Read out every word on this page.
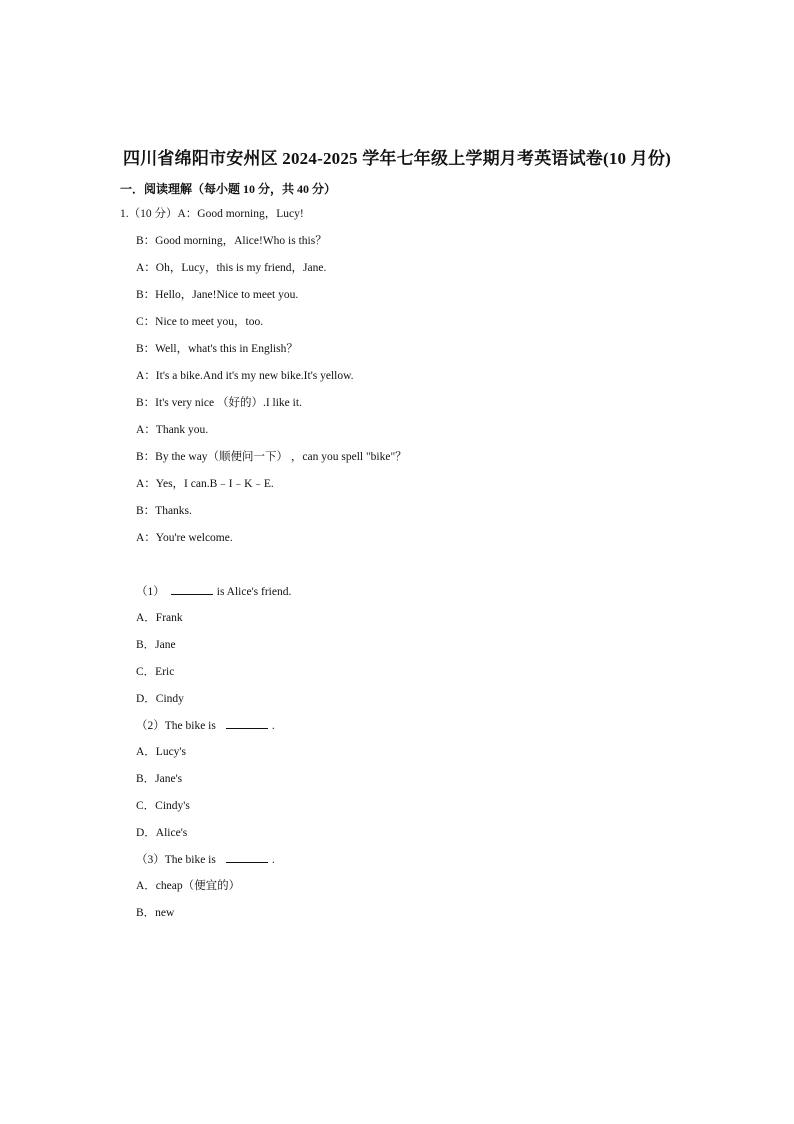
四川省绵阳市安州区 2024-2025 学年七年级上学期月考英语试卷(10 月份)
一．阅读理解（每小题 10 分，共 40 分）
1.（10 分）A：Good morning，Lucy!
B：Good morning，Alice!Who is this？
A：Oh，Lucy，this is my friend，Jane.
B：Hello，Jane!Nice to meet you.
C：Nice to meet you，too.
B：Well，what's this in English？
A：It's a bike.And it's my new bike.It's yellow.
B：It's very nice （好的）.I like it.
A：Thank you.
B：By the way（顺便问一下） ，can you spell "bike"？
A：Yes，I can.B﹣I﹣K﹣E.
B：Thanks.
A：You're welcome.
（1）	is Alice's friend.
A．Frank
B．Jane
C．Eric
D．Cindy
（2）The bike is	.
A．Lucy's
B．Jane's
C．Cindy's
D．Alice's
（3）The bike is	.
A．cheap（便宜的）
B．new
